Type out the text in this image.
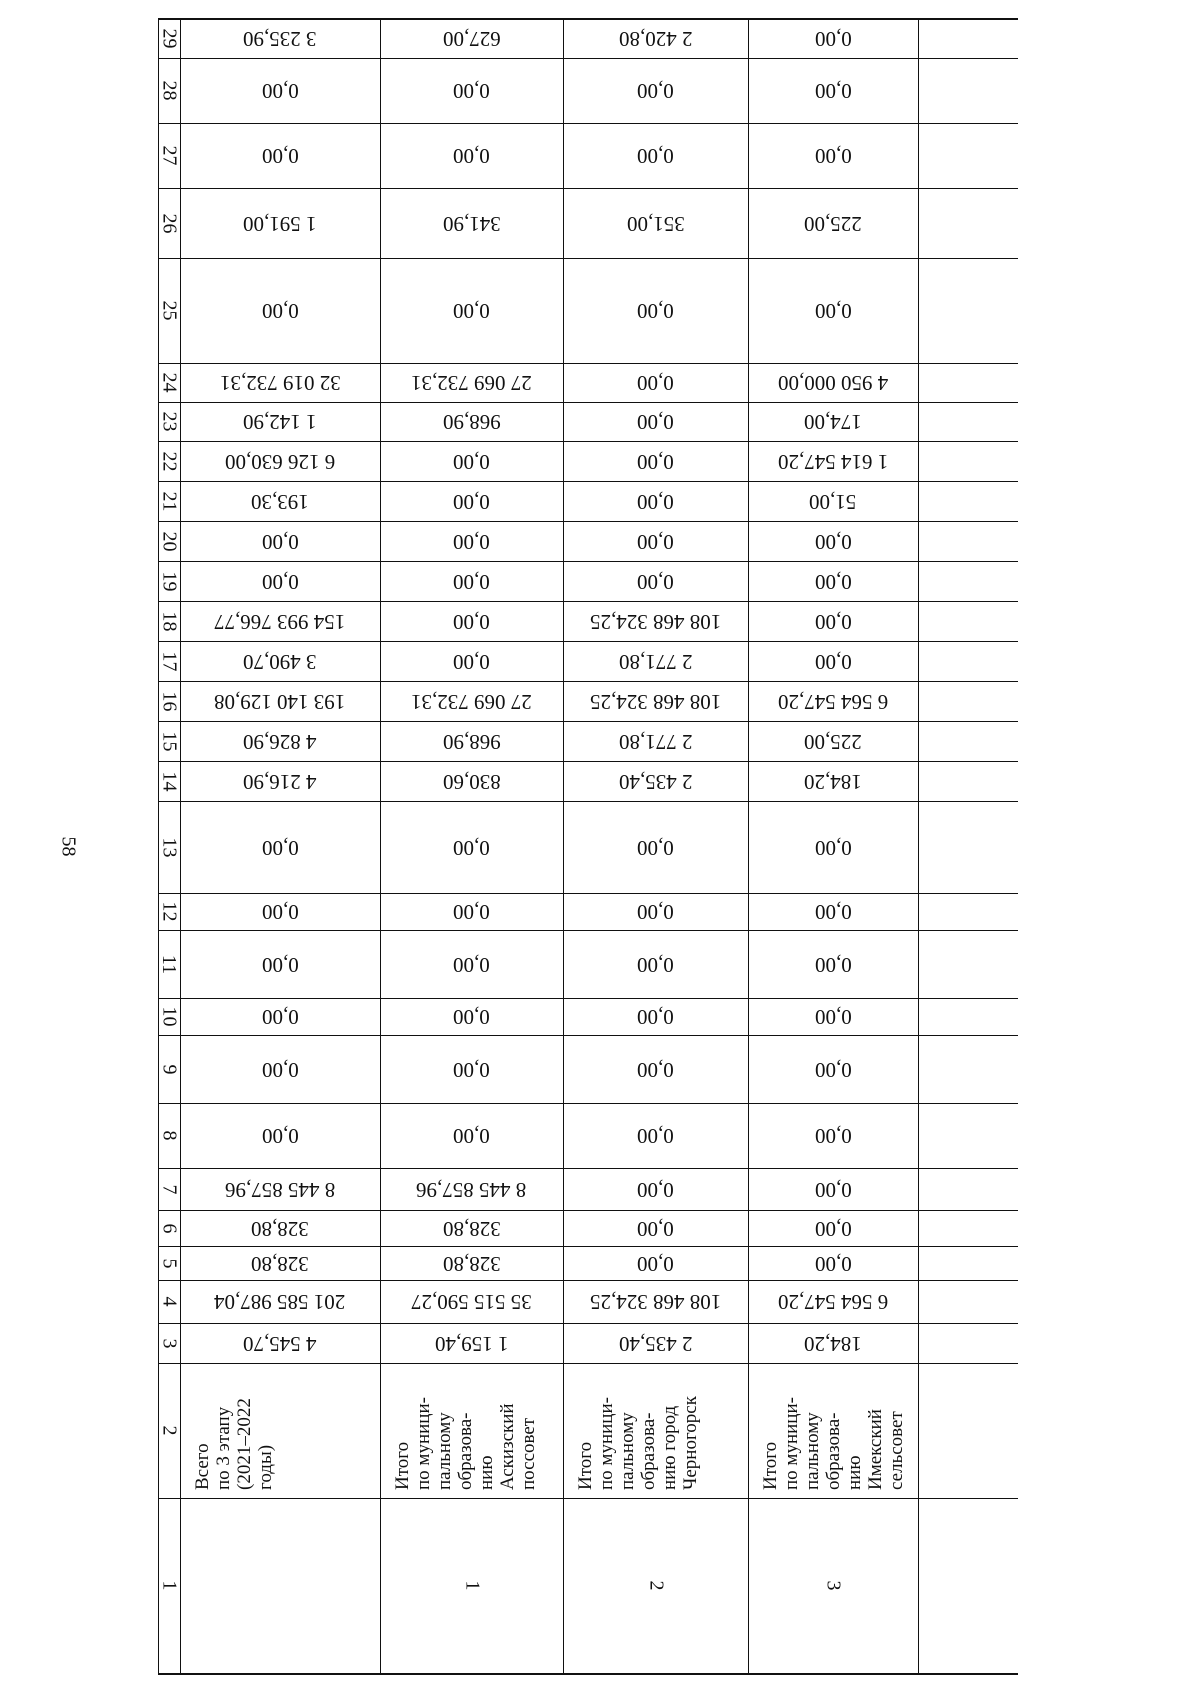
58
29
28
27
26
25
24
23
22
21
20
19
18
17
16
15
14
13
12
11
10
9
8
7
6
5
4
3
2
1
3 235,90
0,00
0,00
1 591,00
0,00
32 019 732,31
1 142,90
6 126 630,00
193,30
0,00
0,00
154 993 766,77
3 490,70
193 140 129,08
4 826,90
4 216,90
0,00
0,00
0,00
0,00
0,00
0,00
8 445 857,96
328,80
328,80
201 585 987,04
4 545,70
Всего
по 3 этапу
(2021–2022
годы)
627,00
0,00
0,00
341,90
0,00
27 069 732,31
968,90
0,00
0,00
0,00
0,00
0,00
0,00
27 069 732,31
968,90
830,60
0,00
0,00
0,00
0,00
0,00
0,00
8 445 857,96
328,80
328,80
35 515 590,27
1 159,40
Итого
по муници-
пальному
образова-
нию
Аскизский
поссовет
1
2 420,80
0,00
0,00
351,00
0,00
0,00
0,00
0,00
0,00
0,00
0,00
108 468 324,25
2 771,80
108 468 324,25
2 771,80
2 435,40
0,00
0,00
0,00
0,00
0,00
0,00
0,00
0,00
0,00
108 468 324,25
2 435,40
Итого
по муници-
пальному
образова-
нию город
Черногорск
2
0,00
0,00
0,00
225,00
0,00
4 950 000,00
174,00
1 614 547,20
51,00
0,00
0,00
0,00
0,00
6 564 547,20
225,00
184,20
0,00
0,00
0,00
0,00
0,00
0,00
0,00
0,00
0,00
6 564 547,20
184,20
Итого
по муници-
пальному
образова-
нию
Имекский
сельсовет
3
